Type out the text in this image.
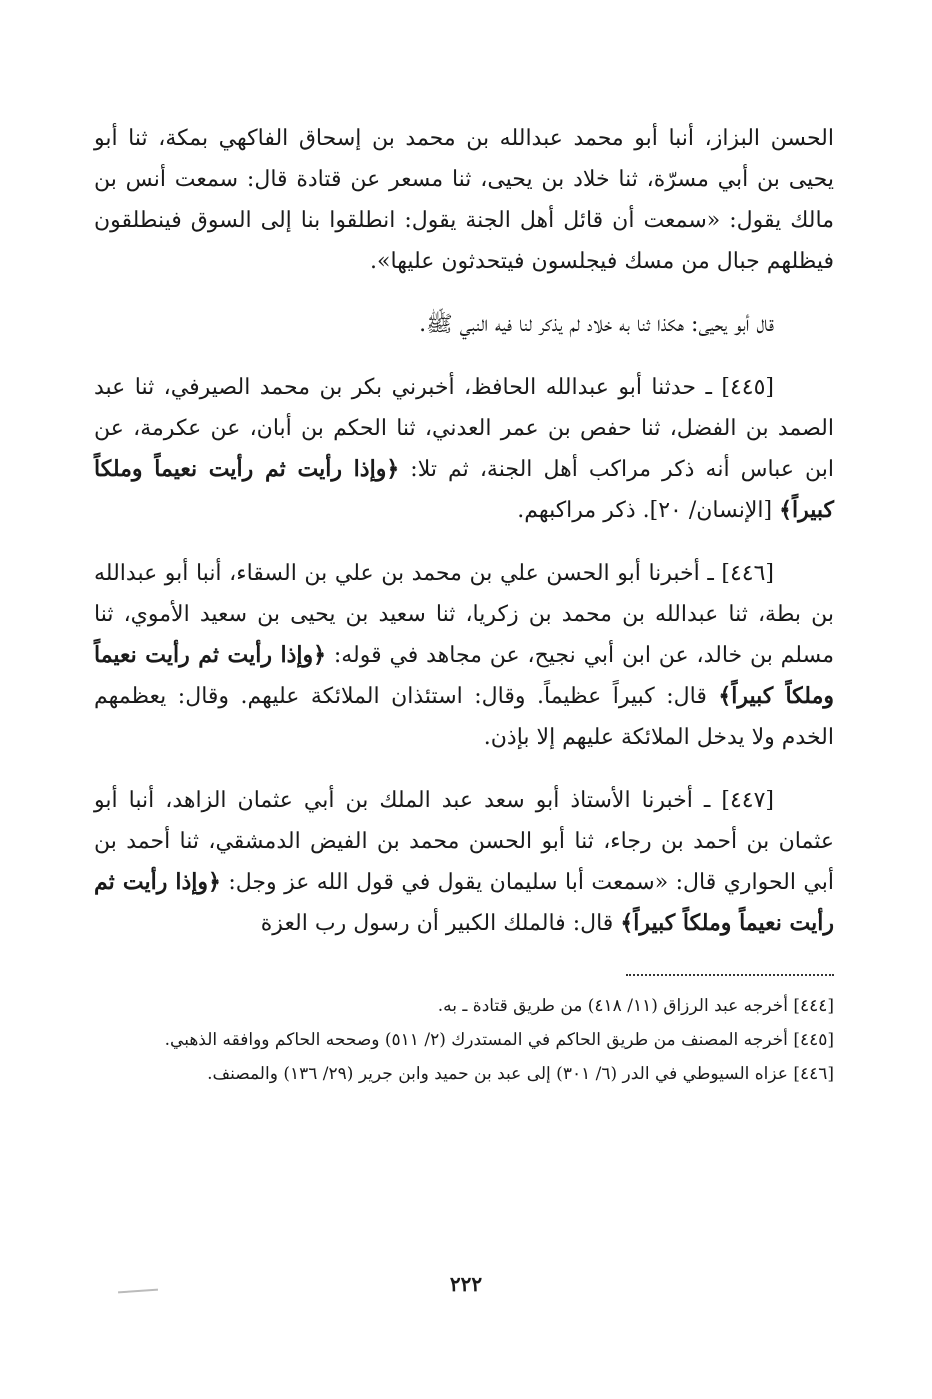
الحسن البزاز، أنبا أبو محمد عبدالله بن محمد بن إسحاق الفاكهي بمكة، ثنا أبو يحيى بن أبي مسرّة، ثنا خلاد بن يحيى، ثنا مسعر عن قتادة قال: سمعت أنس بن مالك يقول: «سمعت أن قائل أهل الجنة يقول: انطلقوا بنا إلى السوق فينطلقون فيظلهم جبال من مسك فيجلسون فيتحدثون عليها».

قال أبو يحيى: هكذا ثنا به خلاد لم يذكر لنا فيه النبي ﷺ.

[٤٤٥] ـ حدثنا أبو عبدالله الحافظ، أخبرني بكر بن محمد الصيرفي، ثنا عبد الصمد بن الفضل، ثنا حفص بن عمر العدني، ثنا الحكم بن أبان، عن عكرمة، عن ابن عباس أنه ذكر مراكب أهل الجنة، ثم تلا: ﴿وإذا رأيت ثم رأيت نعيماً وملكاً كبيراً﴾ [الإنسان/ ٢٠]. ذكر مراكبهم.

[٤٤٦] ـ أخبرنا أبو الحسن علي بن محمد بن علي بن السقاء، أنبا أبو عبدالله بن بطة، ثنا عبدالله بن محمد بن زكريا، ثنا سعيد بن يحيى بن سعيد الأموي، ثنا مسلم بن خالد، عن ابن أبي نجيح، عن مجاهد في قوله: ﴿وإذا رأيت ثم رأيت نعيماً وملكاً كبيراً﴾ قال: كبيراً عظيماً. وقال: استئذان الملائكة عليهم. وقال: يعظمهم الخدم ولا يدخل الملائكة عليهم إلا بإذن.

[٤٤٧] ـ أخبرنا الأستاذ أبو سعد عبد الملك بن أبي عثمان الزاهد، أنبا أبو عثمان بن أحمد بن رجاء، ثنا أبو الحسن محمد بن الفيض الدمشقي، ثنا أحمد بن أبي الحواري قال: «سمعت أبا سليمان يقول في قول الله عز وجل: ﴿وإذا رأيت ثم رأيت نعيماً وملكاً كبيراً﴾ قال: فالملك الكبير أن رسول رب العزة

[٤٤٤] أخرجه عبد الرزاق (١١/ ٤١٨) من طريق قتادة ـ به.

[٤٤٥] أخرجه المصنف من طريق الحاكم في المستدرك (٢/ ٥١١) وصححه الحاكم ووافقه الذهبي.

[٤٤٦] عزاه السيوطي في الدر (٦/ ٣٠١) إلى عبد بن حميد وابن جرير (٢٩/ ١٣٦) والمصنف.

٢٢٢
